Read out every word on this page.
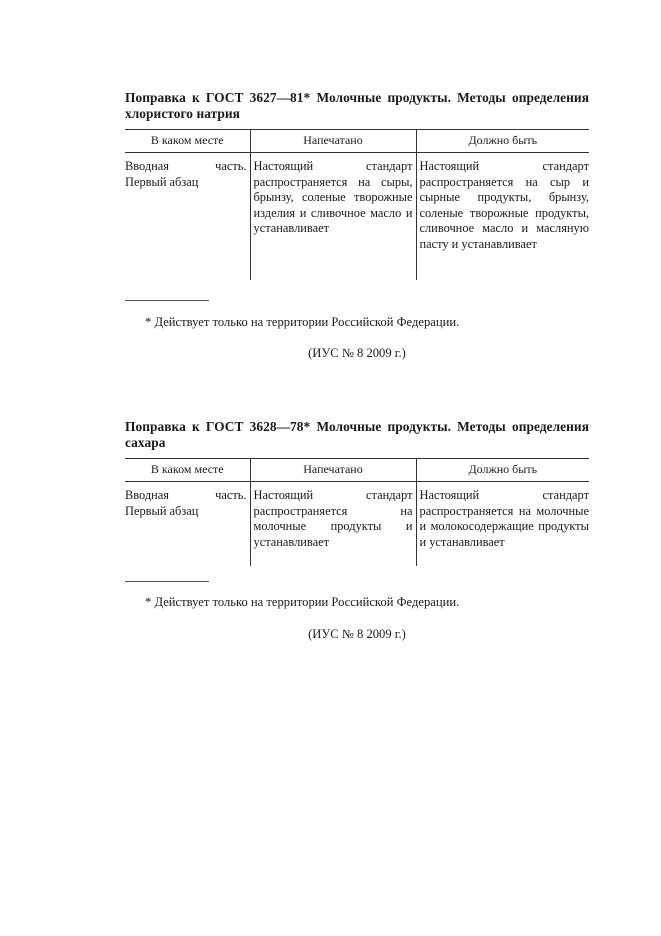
Поправка к ГОСТ 3627—81* Молочные продукты. Методы определения хлористого натрия

В каком месте	Напечатано	Должно быть
Вводная часть. Первый абзац	Настоящий стандарт распространяется на сыры, брынзу, соленые творожные изделия и сливочное масло и устанавливает	Настоящий стандарт распространяется на сыр и сырные продукты, брынзу, соленые творожные продукты, сливочное масло и масляную пасту и устанавливает

* Действует только на территории Российской Федерации.

(ИУС № 8 2009 г.)

Поправка к ГОСТ 3628—78* Молочные продукты. Методы определения сахара

В каком месте	Напечатано	Должно быть
Вводная часть. Первый абзац	Настоящий стандарт распространяется на молочные продукты и устанавливает	Настоящий стандарт распространяется на молочные и молокосодержащие продукты и устанавливает

* Действует только на территории Российской Федерации.

(ИУС № 8 2009 г.)
